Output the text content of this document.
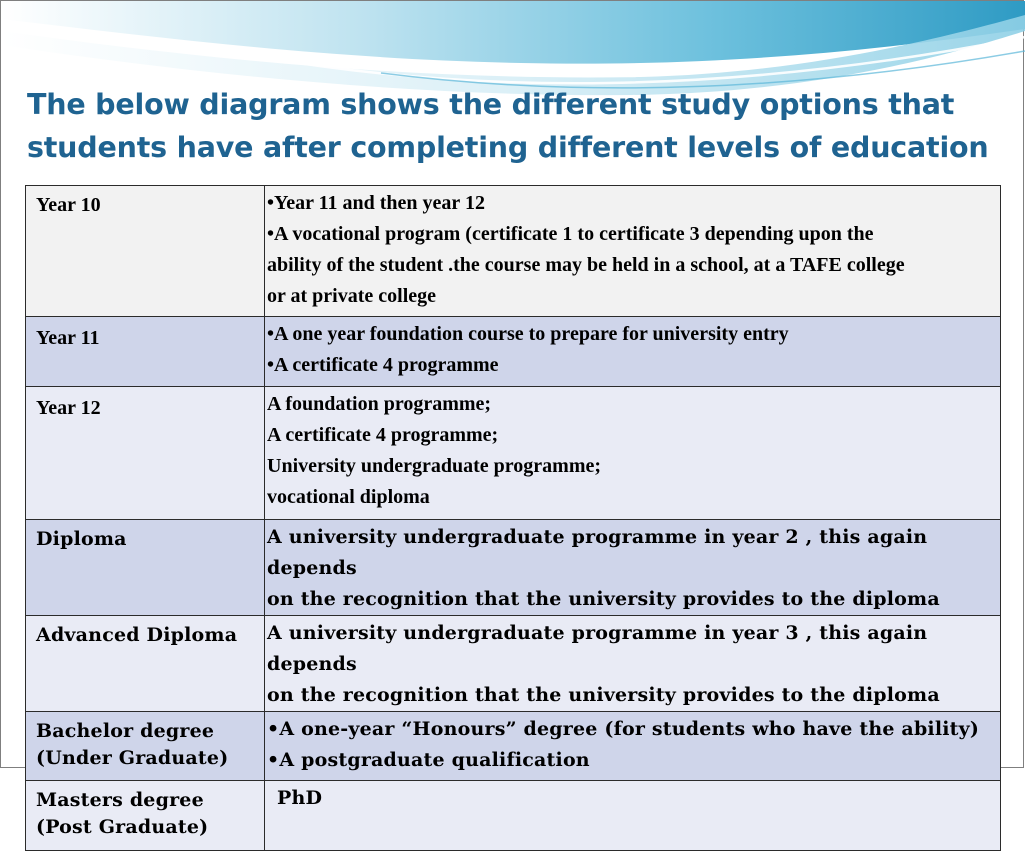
The below diagram shows the different study options that students have after completing different levels of education
Year 10	•Year 11 and then year 12
•A vocational program (certificate 1 to certificate 3 depending upon the
ability of the student .the course may be held in a school, at a TAFE college
or at private college

Year 11	•A one year foundation course to prepare for university entry
•A certificate 4 programme

Year 12	A foundation programme;
A certificate 4 programme;
University undergraduate programme;
vocational diploma

Diploma	A university undergraduate programme in year 2 , this again depends
on the recognition that the university provides to the diploma

Advanced Diploma	A university undergraduate programme in year 3 , this again depends
on the recognition that the university provides to the diploma

Bachelor degree
(Under Graduate)	•A one-year “Honours” degree (for students who have the ability)
•A postgraduate qualification

Masters degree
(Post Graduate)	PhD
